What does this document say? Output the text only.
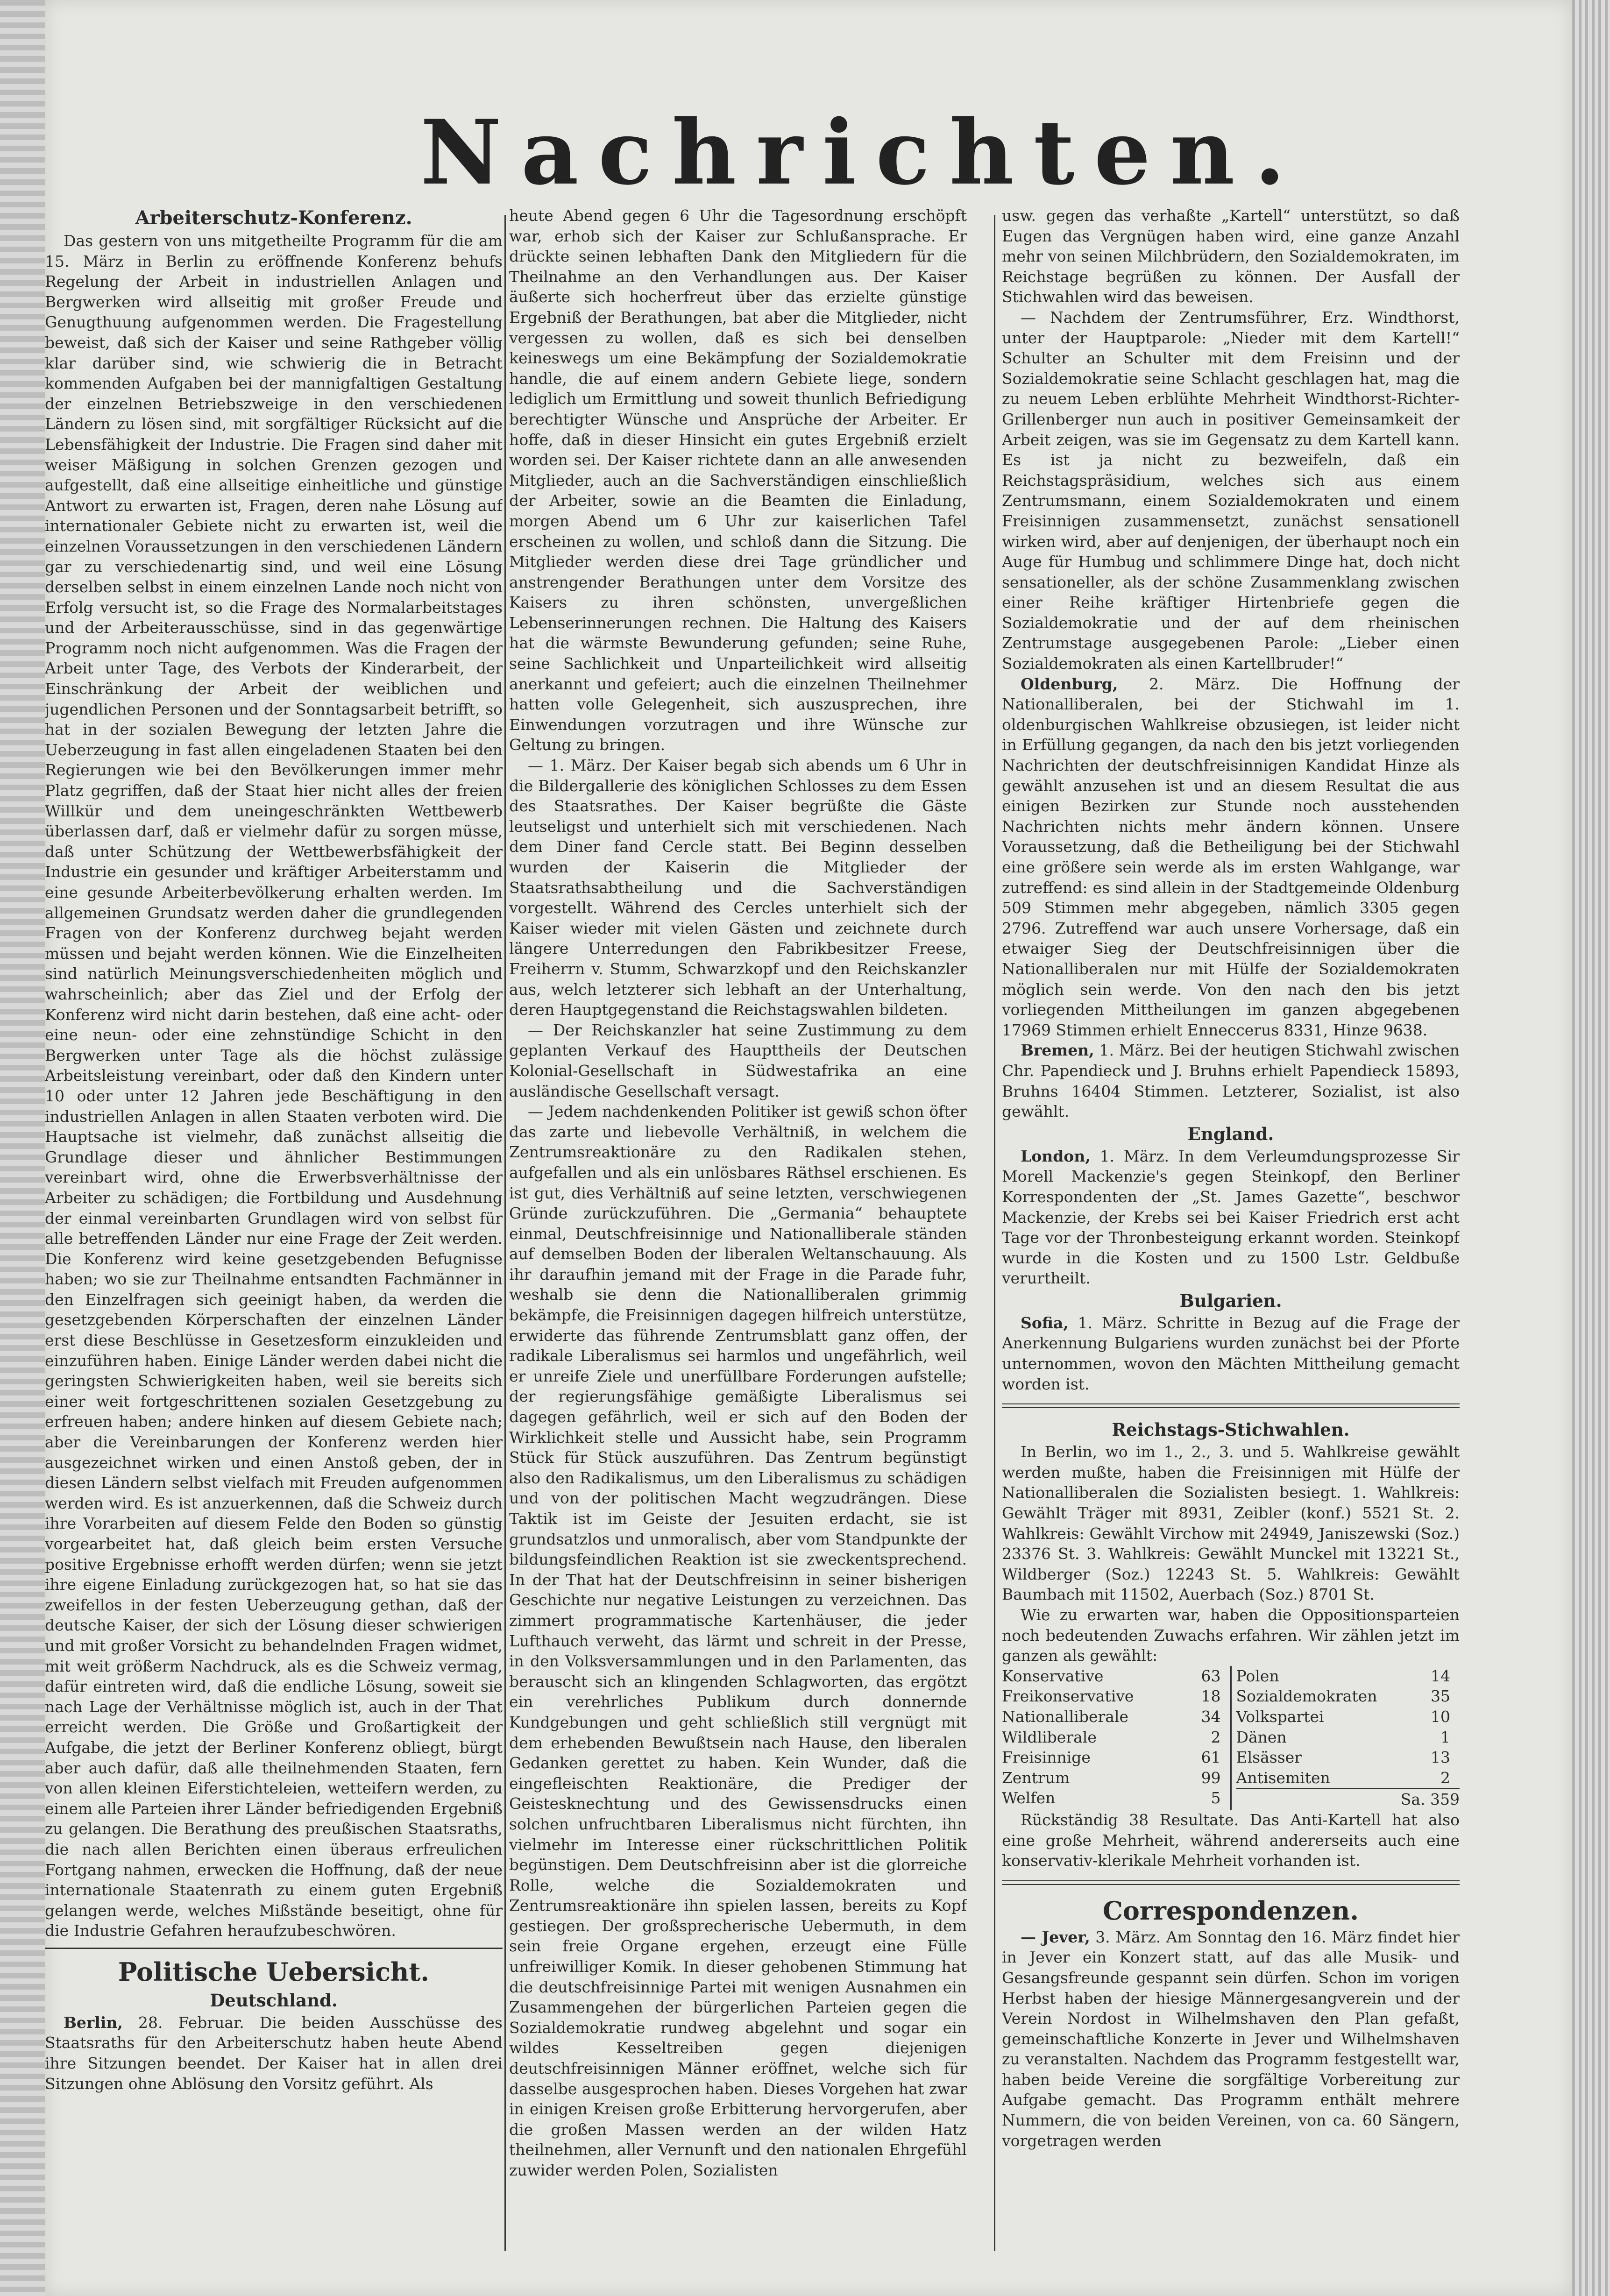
Nachrichten.
Arbeiterschutz-Konferenz.

Das gestern von uns mitgetheilte Programm für die am 15. März in Berlin zu eröffnende Konferenz behufs Regelung der Arbeit in industriellen Anlagen und Bergwerken wird allseitig mit großer Freude und Genugthuung aufgenommen werden. Die Fragestellung beweist, daß sich der Kaiser und seine Rathgeber völlig klar darüber sind, wie schwierig die in Betracht kommenden Aufgaben bei der mannigfaltigen Gestaltung der einzelnen Betriebszweige in den verschiedenen Ländern zu lösen sind, mit sorgfältiger Rücksicht auf die Lebensfähigkeit der Industrie. Die Fragen sind daher mit weiser Mäßigung in solchen Grenzen gezogen und aufgestellt, daß eine allseitige einheitliche und günstige Antwort zu erwarten ist, Fragen, deren nahe Lösung auf internationaler Gebiete nicht zu erwarten ist, weil die einzelnen Voraussetzungen in den verschiedenen Ländern gar zu verschiedenartig sind, und weil eine Lösung derselben selbst in einem einzelnen Lande noch nicht von Erfolg versucht ist, so die Frage des Normalarbeitstages und der Arbeiterausschüsse, sind in das gegenwärtige Programm noch nicht aufgenommen. Was die Fragen der Arbeit unter Tage, des Verbots der Kinderarbeit, der Einschränkung der Arbeit der weiblichen und jugendlichen Personen und der Sonntagsarbeit betrifft, so hat in der sozialen Bewegung der letzten Jahre die Ueberzeugung in fast allen eingeladenen Staaten bei den Regierungen wie bei den Bevölkerungen immer mehr Platz gegriffen, daß der Staat hier nicht alles der freien Willkür und dem uneingeschränkten Wettbewerb überlassen darf, daß er vielmehr dafür zu sorgen müsse, daß unter Schützung der Wettbewerbsfähigkeit der Industrie ein gesunder und kräftiger Arbeiterstamm und eine gesunde Arbeiterbevölkerung erhalten werden. Im allgemeinen Grundsatz werden daher die grundlegenden Fragen von der Konferenz durchweg bejaht werden müssen und bejaht werden können. Wie die Einzelheiten sind natürlich Meinungsverschiedenheiten möglich und wahrscheinlich; aber das Ziel und der Erfolg der Konferenz wird nicht darin bestehen, daß eine acht- oder eine neun- oder eine zehnstündige Schicht in den Bergwerken unter Tage als die höchst zulässige Arbeitsleistung vereinbart, oder daß den Kindern unter 10 oder unter 12 Jahren jede Beschäftigung in den industriellen Anlagen in allen Staaten verboten wird. Die Hauptsache ist vielmehr, daß zunächst allseitig die Grundlage dieser und ähnlicher Bestimmungen vereinbart wird, ohne die Erwerbsverhältnisse der Arbeiter zu schädigen; die Fortbildung und Ausdehnung der einmal vereinbarten Grundlagen wird von selbst für alle betreffenden Länder nur eine Frage der Zeit werden. Die Konferenz wird keine gesetzgebenden Befugnisse haben; wo sie zur Theilnahme entsandten Fachmänner in den Einzelfragen sich geeinigt haben, da werden die gesetzgebenden Körperschaften der einzelnen Länder erst diese Beschlüsse in Gesetzesform einzukleiden und einzuführen haben. Einige Länder werden dabei nicht die geringsten Schwierigkeiten haben, weil sie bereits sich einer weit fortgeschrittenen sozialen Gesetzgebung zu erfreuen haben; andere hinken auf diesem Gebiete nach; aber die Vereinbarungen der Konferenz werden hier ausgezeichnet wirken und einen Anstoß geben, der in diesen Ländern selbst vielfach mit Freuden aufgenommen werden wird. Es ist anzuerkennen, daß die Schweiz durch ihre Vorarbeiten auf diesem Felde den Boden so günstig vorgearbeitet hat, daß gleich beim ersten Versuche positive Ergebnisse erhofft werden dürfen; wenn sie jetzt ihre eigene Einladung zurückgezogen hat, so hat sie das zweifellos in der festen Ueberzeugung gethan, daß der deutsche Kaiser, der sich der Lösung dieser schwierigen und mit großer Vorsicht zu behandelnden Fragen widmet, mit weit größerm Nachdruck, als es die Schweiz vermag, dafür eintreten wird, daß die endliche Lösung, soweit sie nach Lage der Verhältnisse möglich ist, auch in der That erreicht werden. Die Größe und Großartigkeit der Aufgabe, die jetzt der Berliner Konferenz obliegt, bürgt aber auch dafür, daß alle theilnehmenden Staaten, fern von allen kleinen Eiferstichteleien, wetteifern werden, zu einem alle Parteien ihrer Länder befriedigenden Ergebniß zu gelangen. Die Berathung des preußischen Staatsraths, die nach allen Berichten einen überaus erfreulichen Fortgang nahmen, erwecken die Hoffnung, daß der neue internationale Staatenrath zu einem guten Ergebniß gelangen werde, welches Mißstände beseitigt, ohne für die Industrie Gefahren heraufzubeschwören.

Politische Uebersicht.
Deutschland.

Berlin, 28. Februar. Die beiden Ausschüsse des Staatsraths für den Arbeiterschutz haben heute Abend ihre Sitzungen beendet. Der Kaiser hat in allen drei Sitzungen ohne Ablösung den Vorsitz geführt. Als

heute Abend gegen 6 Uhr die Tagesordnung erschöpft war, erhob sich der Kaiser zur Schlußansprache. Er drückte seinen lebhaften Dank den Mitgliedern für die Theilnahme an den Verhandlungen aus. Der Kaiser äußerte sich hocherfreut über das erzielte günstige Ergebniß der Berathungen, bat aber die Mitglieder, nicht vergessen zu wollen, daß es sich bei denselben keineswegs um eine Bekämpfung der Sozialdemokratie handle, die auf einem andern Gebiete liege, sondern lediglich um Ermittlung und soweit thunlich Befriedigung berechtigter Wünsche und Ansprüche der Arbeiter. Er hoffe, daß in dieser Hinsicht ein gutes Ergebniß erzielt worden sei. Der Kaiser richtete dann an alle anwesenden Mitglieder, auch an die Sachverständigen einschließlich der Arbeiter, sowie an die Beamten die Einladung, morgen Abend um 6 Uhr zur kaiserlichen Tafel erscheinen zu wollen, und schloß dann die Sitzung. Die Mitglieder werden diese drei Tage gründlicher und anstrengender Berathungen unter dem Vorsitze des Kaisers zu ihren schönsten, unvergeßlichen Lebenserinnerungen rechnen. Die Haltung des Kaisers hat die wärmste Bewunderung gefunden; seine Ruhe, seine Sachlichkeit und Unparteilichkeit wird allseitig anerkannt und gefeiert; auch die einzelnen Theilnehmer hatten volle Gelegenheit, sich auszusprechen, ihre Einwendungen vorzutragen und ihre Wünsche zur Geltung zu bringen.

— 1. März. Der Kaiser begab sich abends um 6 Uhr in die Bildergallerie des königlichen Schlosses zu dem Essen des Staatsrathes. Der Kaiser begrüßte die Gäste leutseligst und unterhielt sich mit verschiedenen. Nach dem Diner fand Cercle statt. Bei Beginn desselben wurden der Kaiserin die Mitglieder der Staatsrathsabtheilung und die Sachverständigen vorgestellt. Während des Cercles unterhielt sich der Kaiser wieder mit vielen Gästen und zeichnete durch längere Unterredungen den Fabrikbesitzer Freese, Freiherrn v. Stumm, Schwarzkopf und den Reichskanzler aus, welch letzterer sich lebhaft an der Unterhaltung, deren Hauptgegenstand die Reichstagswahlen bildeten.

— Der Reichskanzler hat seine Zustimmung zu dem geplanten Verkauf des Haupttheils der Deutschen Kolonial-Gesellschaft in Südwestafrika an eine ausländische Gesellschaft versagt.

— Jedem nachdenkenden Politiker ist gewiß schon öfter das zarte und liebevolle Verhältniß, in welchem die Zentrumsreaktionäre zu den Radikalen stehen, aufgefallen und als ein unlösbares Räthsel erschienen. Es ist gut, dies Verhältniß auf seine letzten, verschwiegenen Gründe zurückzuführen. Die „Germania“ behauptete einmal, Deutschfreisinnige und Nationalliberale ständen auf demselben Boden der liberalen Weltanschauung. Als ihr daraufhin jemand mit der Frage in die Parade fuhr, weshalb sie denn die Nationalliberalen grimmig bekämpfe, die Freisinnigen dagegen hilfreich unterstütze, erwiderte das führende Zentrumsblatt ganz offen, der radikale Liberalismus sei harmlos und ungefährlich, weil er unreife Ziele und unerfüllbare Forderungen aufstelle; der regierungsfähige gemäßigte Liberalismus sei dagegen gefährlich, weil er sich auf den Boden der Wirklichkeit stelle und Aussicht habe, sein Programm Stück für Stück auszuführen. Das Zentrum begünstigt also den Radikalismus, um den Liberalismus zu schädigen und von der politischen Macht wegzudrängen. Diese Taktik ist im Geiste der Jesuiten erdacht, sie ist grundsatzlos und unmoralisch, aber vom Standpunkte der bildungsfeindlichen Reaktion ist sie zweckentsprechend. In der That hat der Deutschfreisinn in seiner bisherigen Geschichte nur negative Leistungen zu verzeichnen. Das zimmert programmatische Kartenhäuser, die jeder Lufthauch verweht, das lärmt und schreit in der Presse, in den Volksversammlungen und in den Parlamenten, das berauscht sich an klingenden Schlagworten, das ergötzt ein verehrliches Publikum durch donnernde Kundgebungen und geht schließlich still vergnügt mit dem erhebenden Bewußtsein nach Hause, den liberalen Gedanken gerettet zu haben. Kein Wunder, daß die eingefleischten Reaktionäre, die Prediger der Geistesknechtung und des Gewissensdrucks einen solchen unfruchtbaren Liberalismus nicht fürchten, ihn vielmehr im Interesse einer rückschrittlichen Politik begünstigen. Dem Deutschfreisinn aber ist die glorreiche Rolle, welche die Sozialdemokraten und Zentrumsreaktionäre ihn spielen lassen, bereits zu Kopf gestiegen. Der großsprecherische Uebermuth, in dem sein freie Organe ergehen, erzeugt eine Fülle unfreiwilliger Komik. In dieser gehobenen Stimmung hat die deutschfreisinnige Partei mit wenigen Ausnahmen ein Zusammengehen der bürgerlichen Parteien gegen die Sozialdemokratie rundweg abgelehnt und sogar ein wildes Kesseltreiben gegen diejenigen deutschfreisinnigen Männer eröffnet, welche sich für dasselbe ausgesprochen haben. Dieses Vorgehen hat zwar in einigen Kreisen große Erbitterung hervorgerufen, aber die großen Massen werden an der wilden Hatz theilnehmen, aller Vernunft und den nationalen Ehrgefühl zuwider werden Polen, Sozialisten

usw. gegen das verhaßte „Kartell“ unterstützt, so daß Eugen das Vergnügen haben wird, eine ganze Anzahl mehr von seinen Milchbrüdern, den Sozialdemokraten, im Reichstage begrüßen zu können. Der Ausfall der Stichwahlen wird das beweisen.

— Nachdem der Zentrumsführer, Erz. Windthorst, unter der Hauptparole: „Nieder mit dem Kartell!“ Schulter an Schulter mit dem Freisinn und der Sozialdemokratie seine Schlacht geschlagen hat, mag die zu neuem Leben erblühte Mehrheit Windthorst-Richter-Grillenberger nun auch in positiver Gemeinsamkeit der Arbeit zeigen, was sie im Gegensatz zu dem Kartell kann. Es ist ja nicht zu bezweifeln, daß ein Reichstagspräsidium, welches sich aus einem Zentrumsmann, einem Sozialdemokraten und einem Freisinnigen zusammensetzt, zunächst sensationell wirken wird, aber auf denjenigen, der überhaupt noch ein Auge für Humbug und schlimmere Dinge hat, doch nicht sensationeller, als der schöne Zusammenklang zwischen einer Reihe kräftiger Hirtenbriefe gegen die Sozialdemokratie und der auf dem rheinischen Zentrumstage ausgegebenen Parole: „Lieber einen Sozialdemokraten als einen Kartellbruder!“

Oldenburg, 2. März. Die Hoffnung der Nationalliberalen, bei der Stichwahl im 1. oldenburgischen Wahlkreise obzusiegen, ist leider nicht in Erfüllung gegangen, da nach den bis jetzt vorliegenden Nachrichten der deutschfreisinnigen Kandidat Hinze als gewählt anzusehen ist und an diesem Resultat die aus einigen Bezirken zur Stunde noch ausstehenden Nachrichten nichts mehr ändern können. Unsere Voraussetzung, daß die Betheiligung bei der Stichwahl eine größere sein werde als im ersten Wahlgange, war zutreffend: es sind allein in der Stadtgemeinde Oldenburg 509 Stimmen mehr abgegeben, nämlich 3305 gegen 2796. Zutreffend war auch unsere Vorhersage, daß ein etwaiger Sieg der Deutschfreisinnigen über die Nationalliberalen nur mit Hülfe der Sozialdemokraten möglich sein werde. Von den nach den bis jetzt vorliegenden Mittheilungen im ganzen abgegebenen 17969 Stimmen erhielt Enneccerus 8331, Hinze 9638.

Bremen, 1. März. Bei der heutigen Stichwahl zwischen Chr. Papendieck und J. Bruhns erhielt Papendieck 15893, Bruhns 16404 Stimmen. Letzterer, Sozialist, ist also gewählt.

England.

London, 1. März. In dem Verleumdungsprozesse Sir Morell Mackenzie's gegen Steinkopf, den Berliner Korrespondenten der „St. James Gazette“, beschwor Mackenzie, der Krebs sei bei Kaiser Friedrich erst acht Tage vor der Thronbesteigung erkannt worden. Steinkopf wurde in die Kosten und zu 1500 Lstr. Geldbuße verurtheilt.

Bulgarien.

Sofia, 1. März. Schritte in Bezug auf die Frage der Anerkennung Bulgariens wurden zunächst bei der Pforte unternommen, wovon den Mächten Mittheilung gemacht worden ist.

Reichstags-Stichwahlen.

In Berlin, wo im 1., 2., 3. und 5. Wahlkreise gewählt werden mußte, haben die Freisinnigen mit Hülfe der Nationalliberalen die Sozialisten besiegt. 1. Wahlkreis: Gewählt Träger mit 8931, Zeibler (konf.) 5521 St. 2. Wahlkreis: Gewählt Virchow mit 24949, Janiszewski (Soz.) 23376 St. 3. Wahlkreis: Gewählt Munckel mit 13221 St., Wildberger (Soz.) 12243 St. 5. Wahlkreis: Gewählt Baumbach mit 11502, Auerbach (Soz.) 8701 St.

Wie zu erwarten war, haben die Oppositionsparteien noch bedeutenden Zuwachs erfahren. Wir zählen jetzt im ganzen als gewählt:

Konservative	63
Freikonservative	18
Nationalliberale	34
Wildliberale	2
Freisinnige	61
Zentrum	99
Welfen	5

Polen	14
Sozialdemokraten	35
Volkspartei	10
Dänen	1
Elsässer	13
Antisemiten	2
Sa. 359

Rückständig 38 Resultate. Das Anti-Kartell hat also eine große Mehrheit, während andererseits auch eine konservativ-klerikale Mehrheit vorhanden ist.

Correspondenzen.

— Jever, 3. März. Am Sonntag den 16. März findet hier in Jever ein Konzert statt, auf das alle Musik- und Gesangsfreunde gespannt sein dürfen. Schon im vorigen Herbst haben der hiesige Männergesangverein und der Verein Nordost in Wilhelmshaven den Plan gefaßt, gemeinschaftliche Konzerte in Jever und Wilhelmshaven zu veranstalten. Nachdem das Programm festgestellt war, haben beide Vereine die sorgfältige Vorbereitung zur Aufgabe gemacht. Das Programm enthält mehrere Nummern, die von beiden Vereinen, von ca. 60 Sängern, vorgetragen werden
